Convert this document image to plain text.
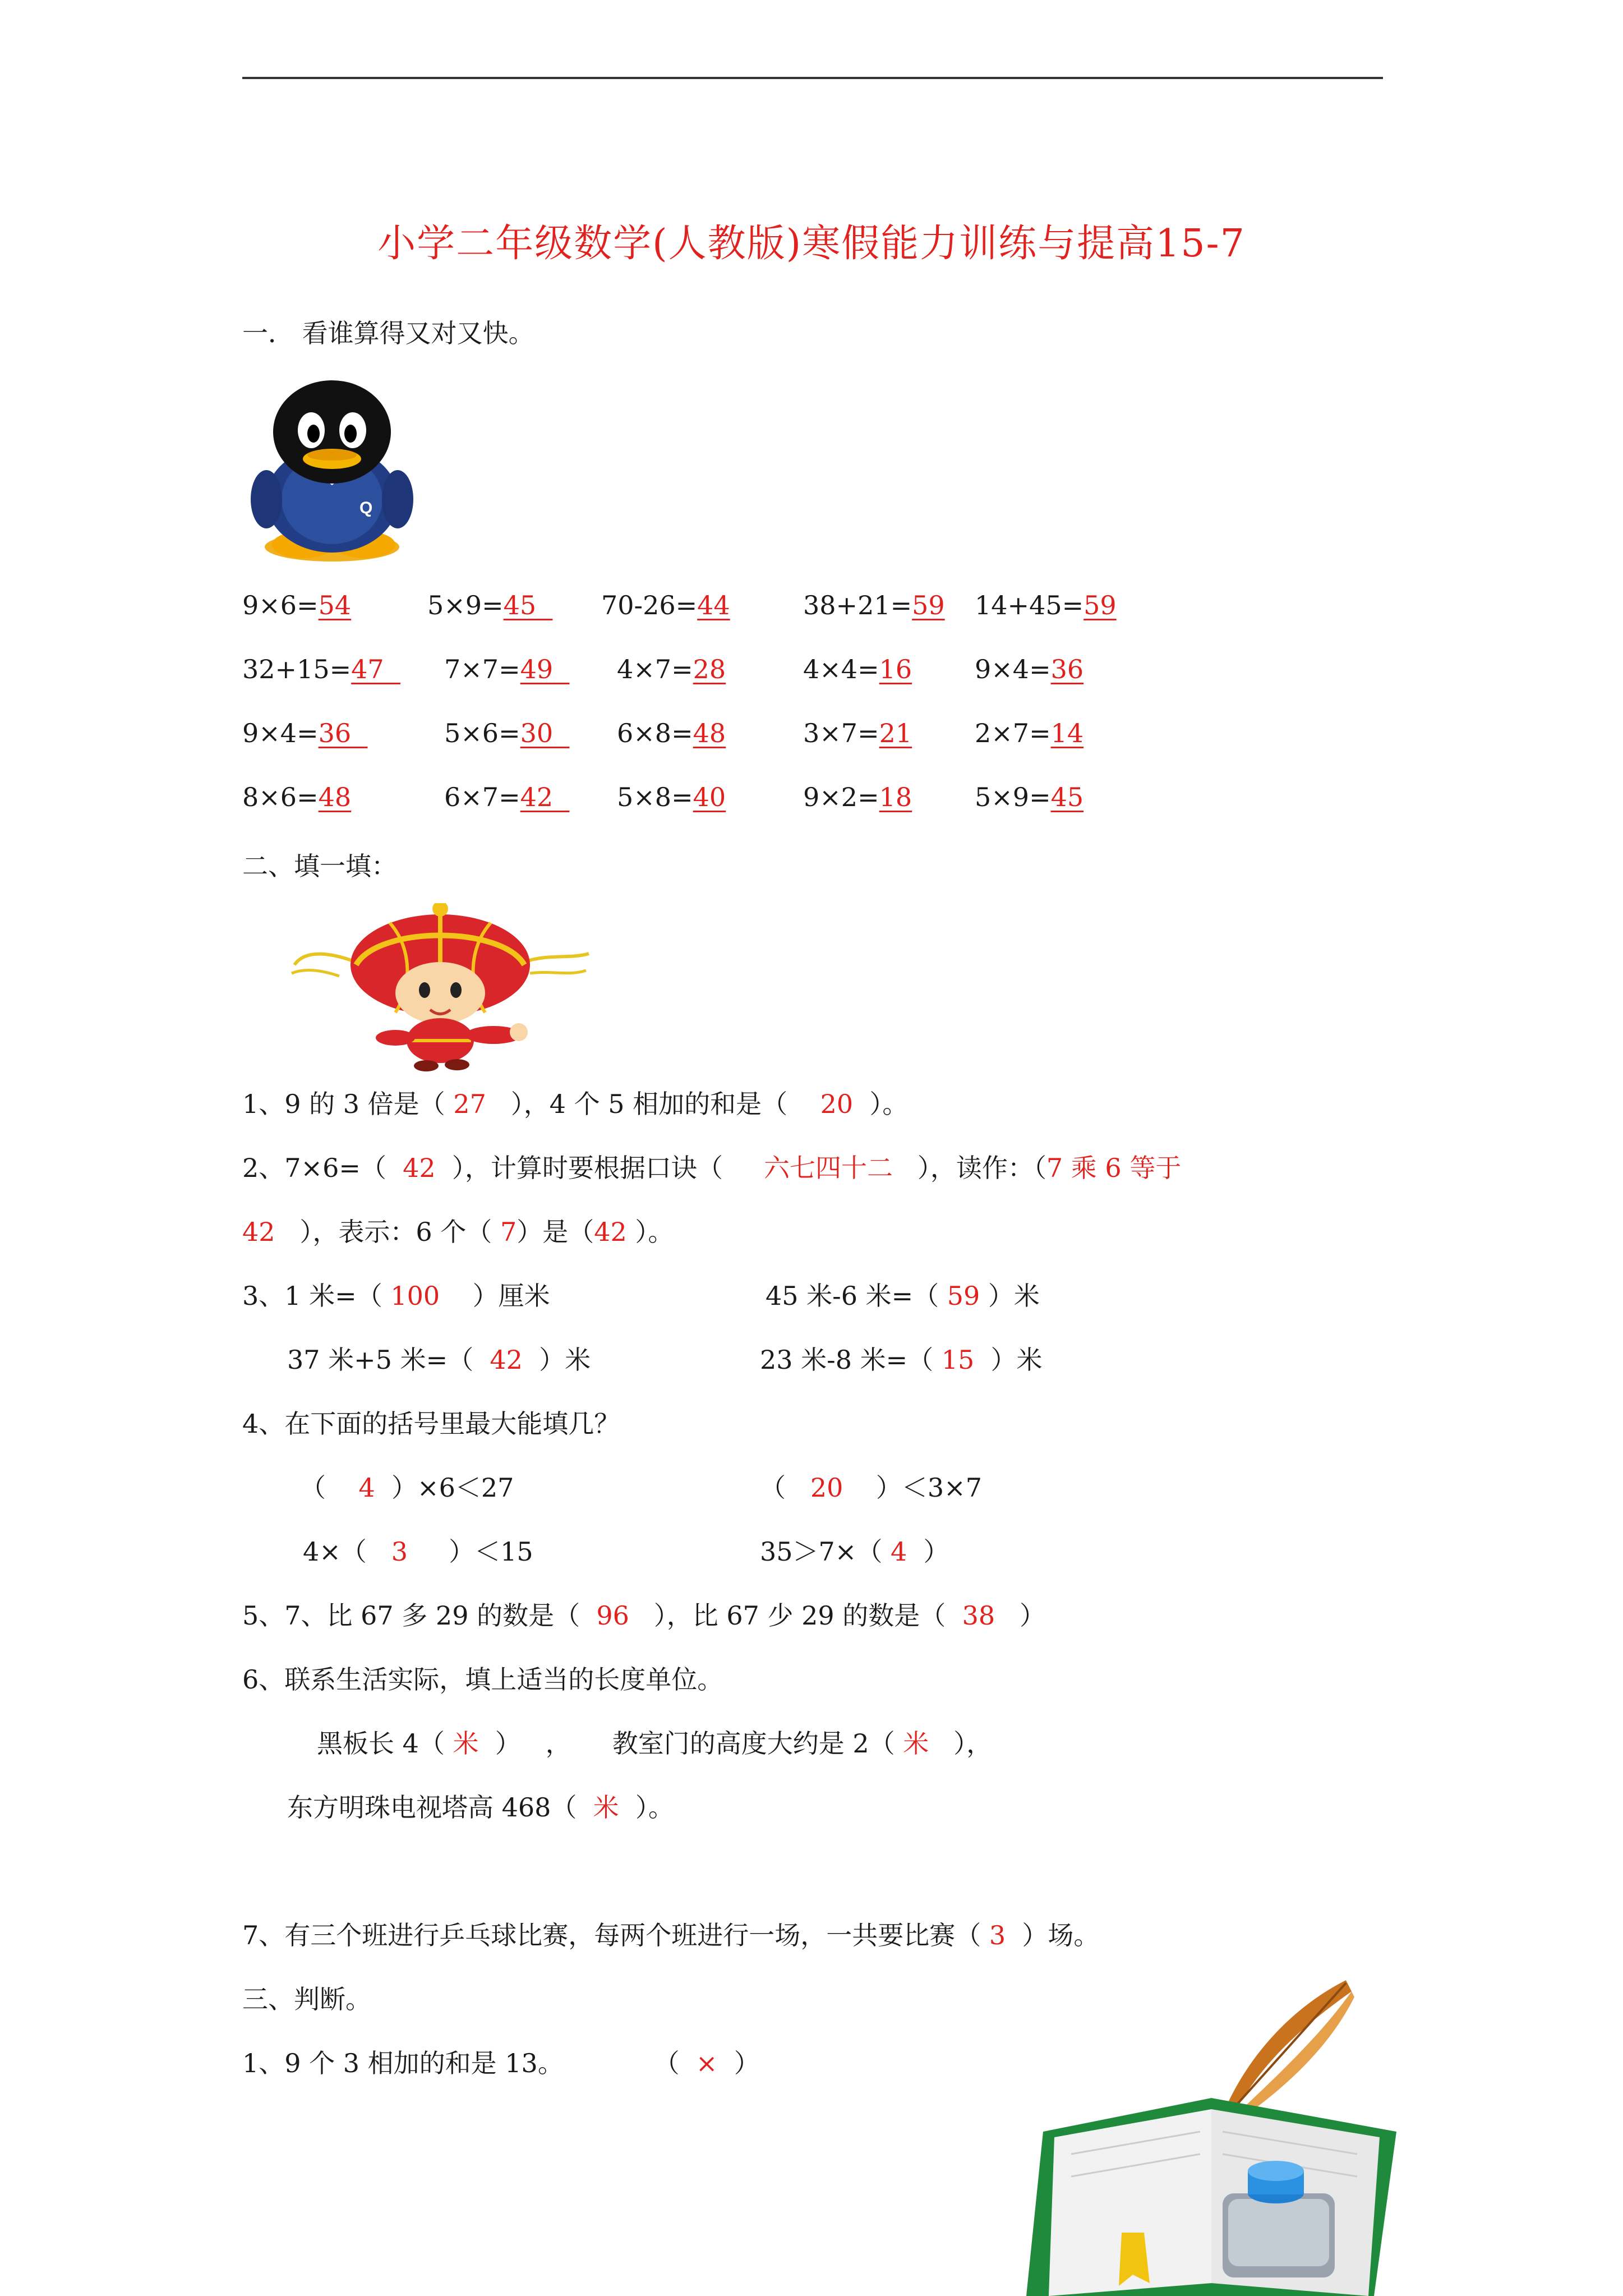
小学二年级数学(人教版)寒假能力训练与提高15-7
一． 看谁算得又对又快。
Q
9×6=54	5×9=45 70-26=44	38+21=59 14+45=59
32+15=47 7×7=49 4×7=28	4×4=16 9×4=36
9×4=36	5×6=30 6×8=48	3×7=21 2×7=14
8×6=48	6×7=42 5×8=40	9×2=18 5×9=45
二、填一填：
1、9 的 3 倍是（ 27   ），4 个 5 相加的和是（    20  ）。
2、7×6=（  42  ），计算时要根据口诀（     六七四十二   ），读作：（7 乘 6 等于
42   ），表示：6 个（ 7）是（42 ）。
3、1 米=（ 100    ）厘米	45 米-6 米=（ 59 ）米
37 米+5 米=（  42  ）米	23 米-8 米=（ 15  ）米
4、在下面的括号里最大能填几？
（    4  ）×6＜27	（   20    ）＜3×7
4×（   3     ）＜15	35＞7×（ 4  ）
5、7、比 67 多 29 的数是（  96   ），比 67 少 29 的数是（  38   ）
6、联系生活实际，填上适当的长度单位。
黑板长 4（ 米  ）   ，     教室门的高度大约是 2（ 米   ），
东方明珠电视塔高 468（  米  ）。
7、有三个班进行乒乓球比赛，每两个班进行一场，一共要比赛（ 3  ）场。
三、判断。
1、9 个 3 相加的和是 13。           （  ×  ）
